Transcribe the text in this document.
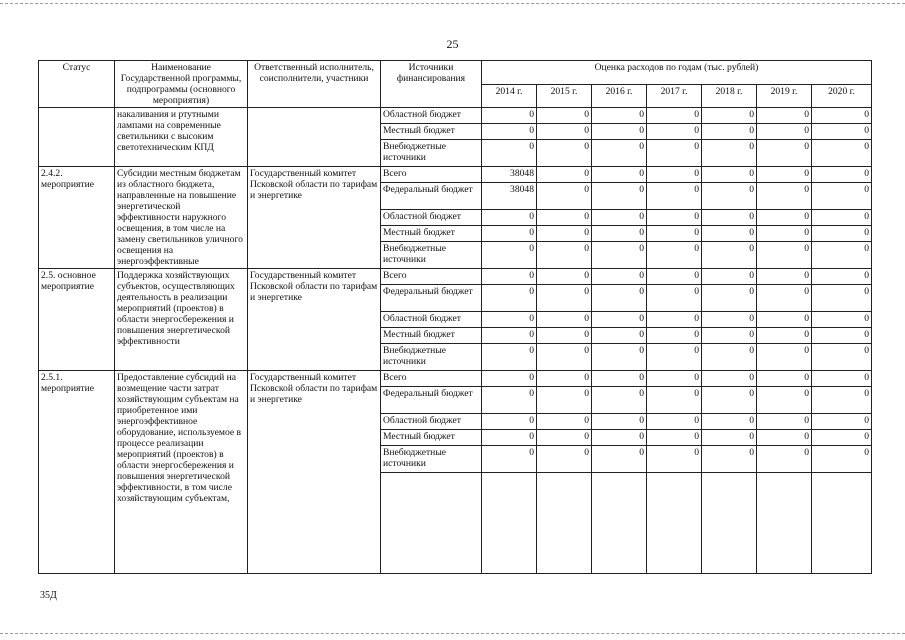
25
Статус	Наименование Государственной программы, подпрограммы (основного мероприятия)	Ответственный исполнитель, соисполнители, участники	Источники финансирования	Оценка расходов по годам (тыс. рублей)						
				2014 г.	2015 г.	2016 г.	2017 г.	2018 г.	2019 г.	2020 г.

	накаливания и ртутными лампами на современные светильники с высоким светотехническим КПД		Областной бюджет	0	0	0	0	0	0	0
			Местный бюджет	0	0	0	0	0	0	0
			Внебюджетные источники	0	0	0	0	0	0	0
2.4.2. мероприятие	Субсидии местным бюджетам из областного бюджета, направленные на повышение энергетической эффективности наружного освещения, в том числе на замену светильников уличного освещения на энергоэффективные	Государственный комитет Псковской области по тарифам и энергетике	Всего	38048	0	0	0	0	0	0
			Федеральный бюджет	38048	0	0	0	0	0	0
			Областной бюджет	0	0	0	0	0	0	0
			Местный бюджет	0	0	0	0	0	0	0
			Внебюджетные источники	0	0	0	0	0	0	0
2.5. основное мероприятие	Поддержка хозяйствующих субъектов, осуществляющих деятельность в реализации мероприятий (проектов) в области энергосбережения и повышения энергетической эффективности	Государственный комитет Псковской области по тарифам и энергетике	Всего	0	0	0	0	0	0	0
			Федеральный бюджет	0	0	0	0	0	0	0
			Областной бюджет	0	0	0	0	0	0	0
			Местный бюджет	0	0	0	0	0	0	0
			Внебюджетные источники	0	0	0	0	0	0	0
2.5.1. мероприятие	Предоставление субсидий на возмещение части затрат хозяйствующим субъектам на приобретенное ими энергоэффективное оборудование, используемое в процессе реализации мероприятий (проектов) в области энергосбережения и повышения энергетической эффективности, в том числе хозяйствующим субъектам,	Государственный комитет Псковской области по тарифам и энергетике	Всего	0	0	0	0	0	0	0
			Федеральный бюджет	0	0	0	0	0	0	0
			Областной бюджет	0	0	0	0	0	0	0
			Местный бюджет	0	0	0	0	0	0	0
			Внебюджетные источники	0	0	0	0	0	0	0

35Д
